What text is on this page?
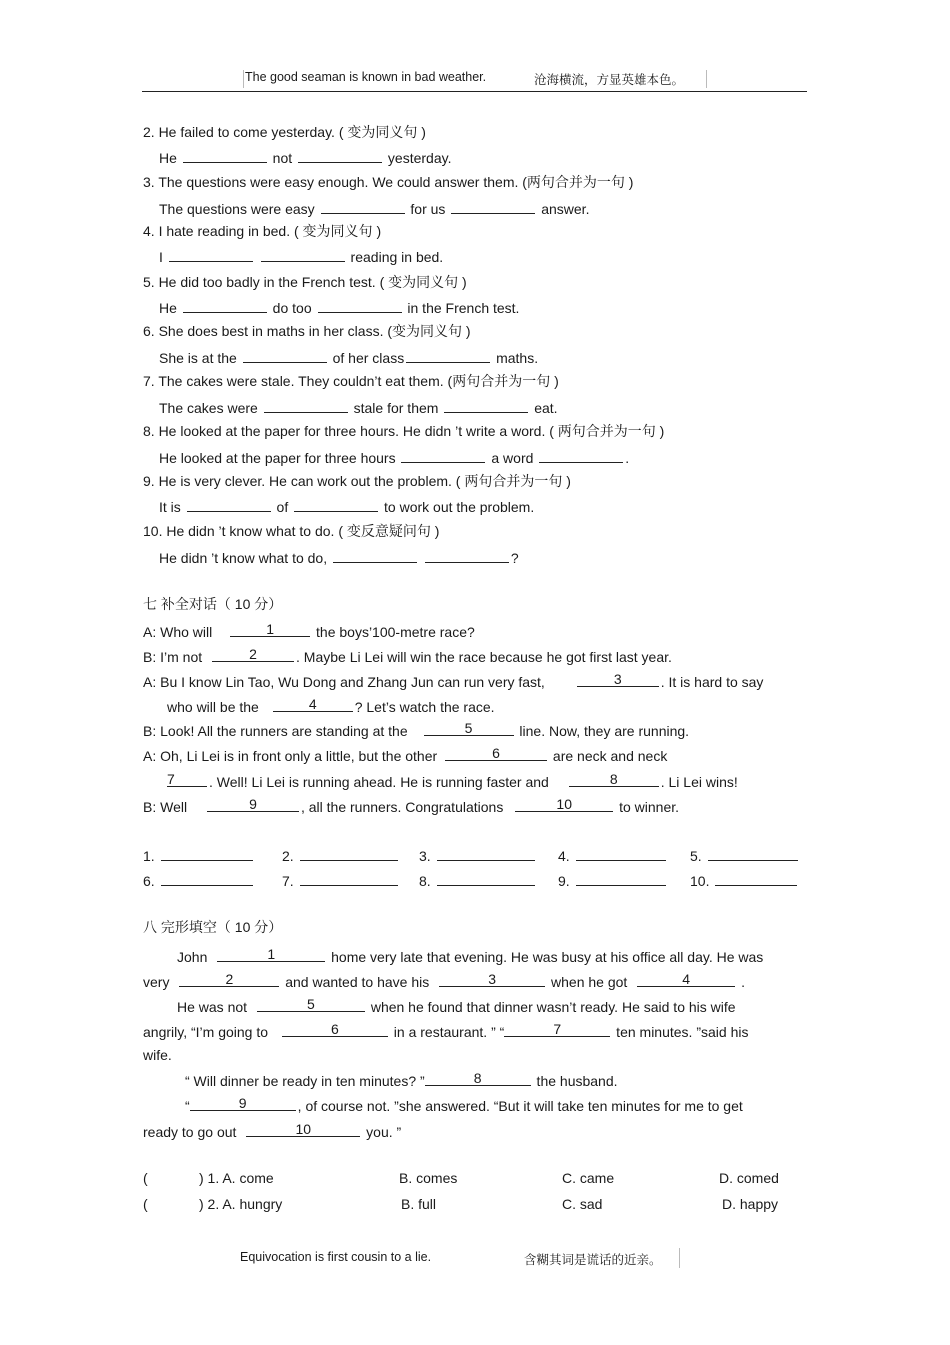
The good seaman is known in bad weather.	沧海横流，方显英雄本色。
2. He failed to come yesterday. ( 变为同义句 )
He	not	yesterday.
3. The questions were easy enough. We could answer them. (两句合并为一句 )
The questions were easy	for us	answer.
4. I hate reading in bed. ( 变为同义句 )
I	reading in bed.
5. He did too badly in the French test. ( 变为同义句 )
He	do too	in the French test.
6. She does best in maths in her class. (变为同义句 )
She is at the	of her class	maths.
7. The cakes were stale. They couldn’t eat them. (两句合并为一句 )
The cakes were	stale for them	eat.
8. He looked at the paper for three hours. He didn ’t write a word. ( 两句合并为一句 )
He looked at the paper for three hours	a word	.
9. He is very clever. He can work out the problem. ( 两句合并为一句 )
It is	of	to work out the problem.
10. He didn ’t know what to do. ( 变反意疑问句 )
He didn ’t know what to do,	?
七 补全对话（ 10 分）
A: Who will	1	the boys’100-metre race?
B: I’m not	2	. Maybe Li Lei will win the race because he got first last year.
A: Bu I know Lin Tao, Wu Dong and Zhang Jun can run very fast,	3	. It is hard to say
who will be the	4	? Let’s watch the race.
B: Look! All the runners are standing at the	5	line. Now, they are running.
A: Oh, Li Lei is in front only a little, but the other	6	are neck and neck
7	. Well! Li Lei is running ahead. He is running faster and	8	. Li Lei wins!
B: Well	9	, all the runners. Congratulations	10	to winner.
1.	2.	3.	4.	5.
6.	7.	8.	9.	10.
八 完形填空（ 10 分）
John	1	home very late that evening. He was busy at his office all day. He was
very	2	and wanted to have his	3	when he got	4	.
He was not	5	when he found that dinner wasn’t ready. He said to his wife
angrily, “I’m going to	6	in a restaurant. ” “	7	ten minutes. ”said his
wife.
“ Will dinner be ready in ten minutes? ”	8	the husband.
“	9	, of course not. ”she answered. “But it will take ten minutes for me to get
ready to go out	10	you. ”
(	) 1. A. come	B. comes	C. came	D. comed
(	) 2. A. hungry	B. full	C. sad	D. happy
Equivocation is first cousin to a lie.	含糊其词是谎话的近亲。
